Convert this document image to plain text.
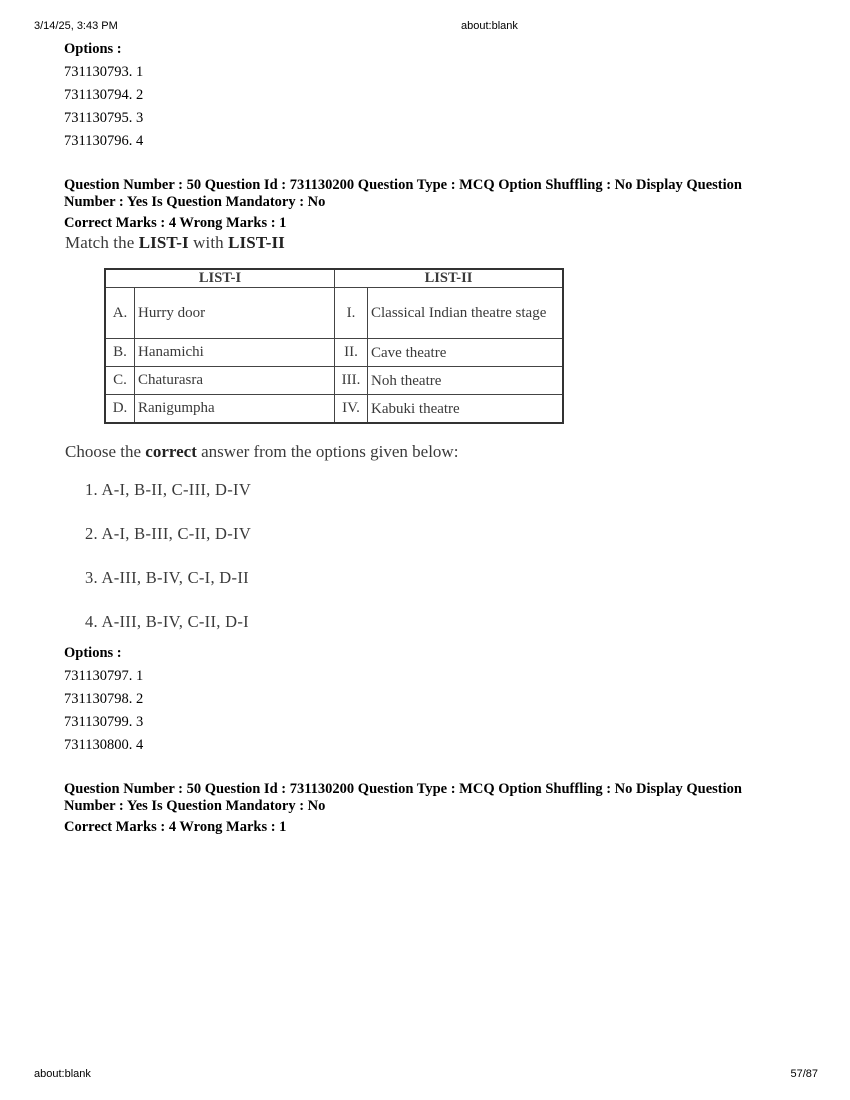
3/14/25, 3:43 PM	about:blank
Options :
731130793. 1
731130794. 2
731130795. 3
731130796. 4
Question Number : 50 Question Id : 731130200 Question Type : MCQ Option Shuffling : No Display Question
Number : Yes Is Question Mandatory : No
Correct Marks : 4 Wrong Marks : 1

Match the LIST-I with LIST-II

LIST-I		LIST-II	
A.	Hurry door	I.	Classical Indian theatre stage
B.	Hanamichi	II.	Cave theatre
C.	Chaturasra	III.	Noh theatre
D.	Ranigumpha	IV.	Kabuki theatre

Choose the correct answer from the options given below:

1. A-I, B-II, C-III, D-IV
2. A-I, B-III, C-II, D-IV
3. A-III, B-IV, C-I, D-II
4. A-III, B-IV, C-II, D-I
Options :
731130797. 1
731130798. 2
731130799. 3
731130800. 4
Question Number : 50 Question Id : 731130200 Question Type : MCQ Option Shuffling : No Display Question
Number : Yes Is Question Mandatory : No
Correct Marks : 4 Wrong Marks : 1
about:blank	57/87
